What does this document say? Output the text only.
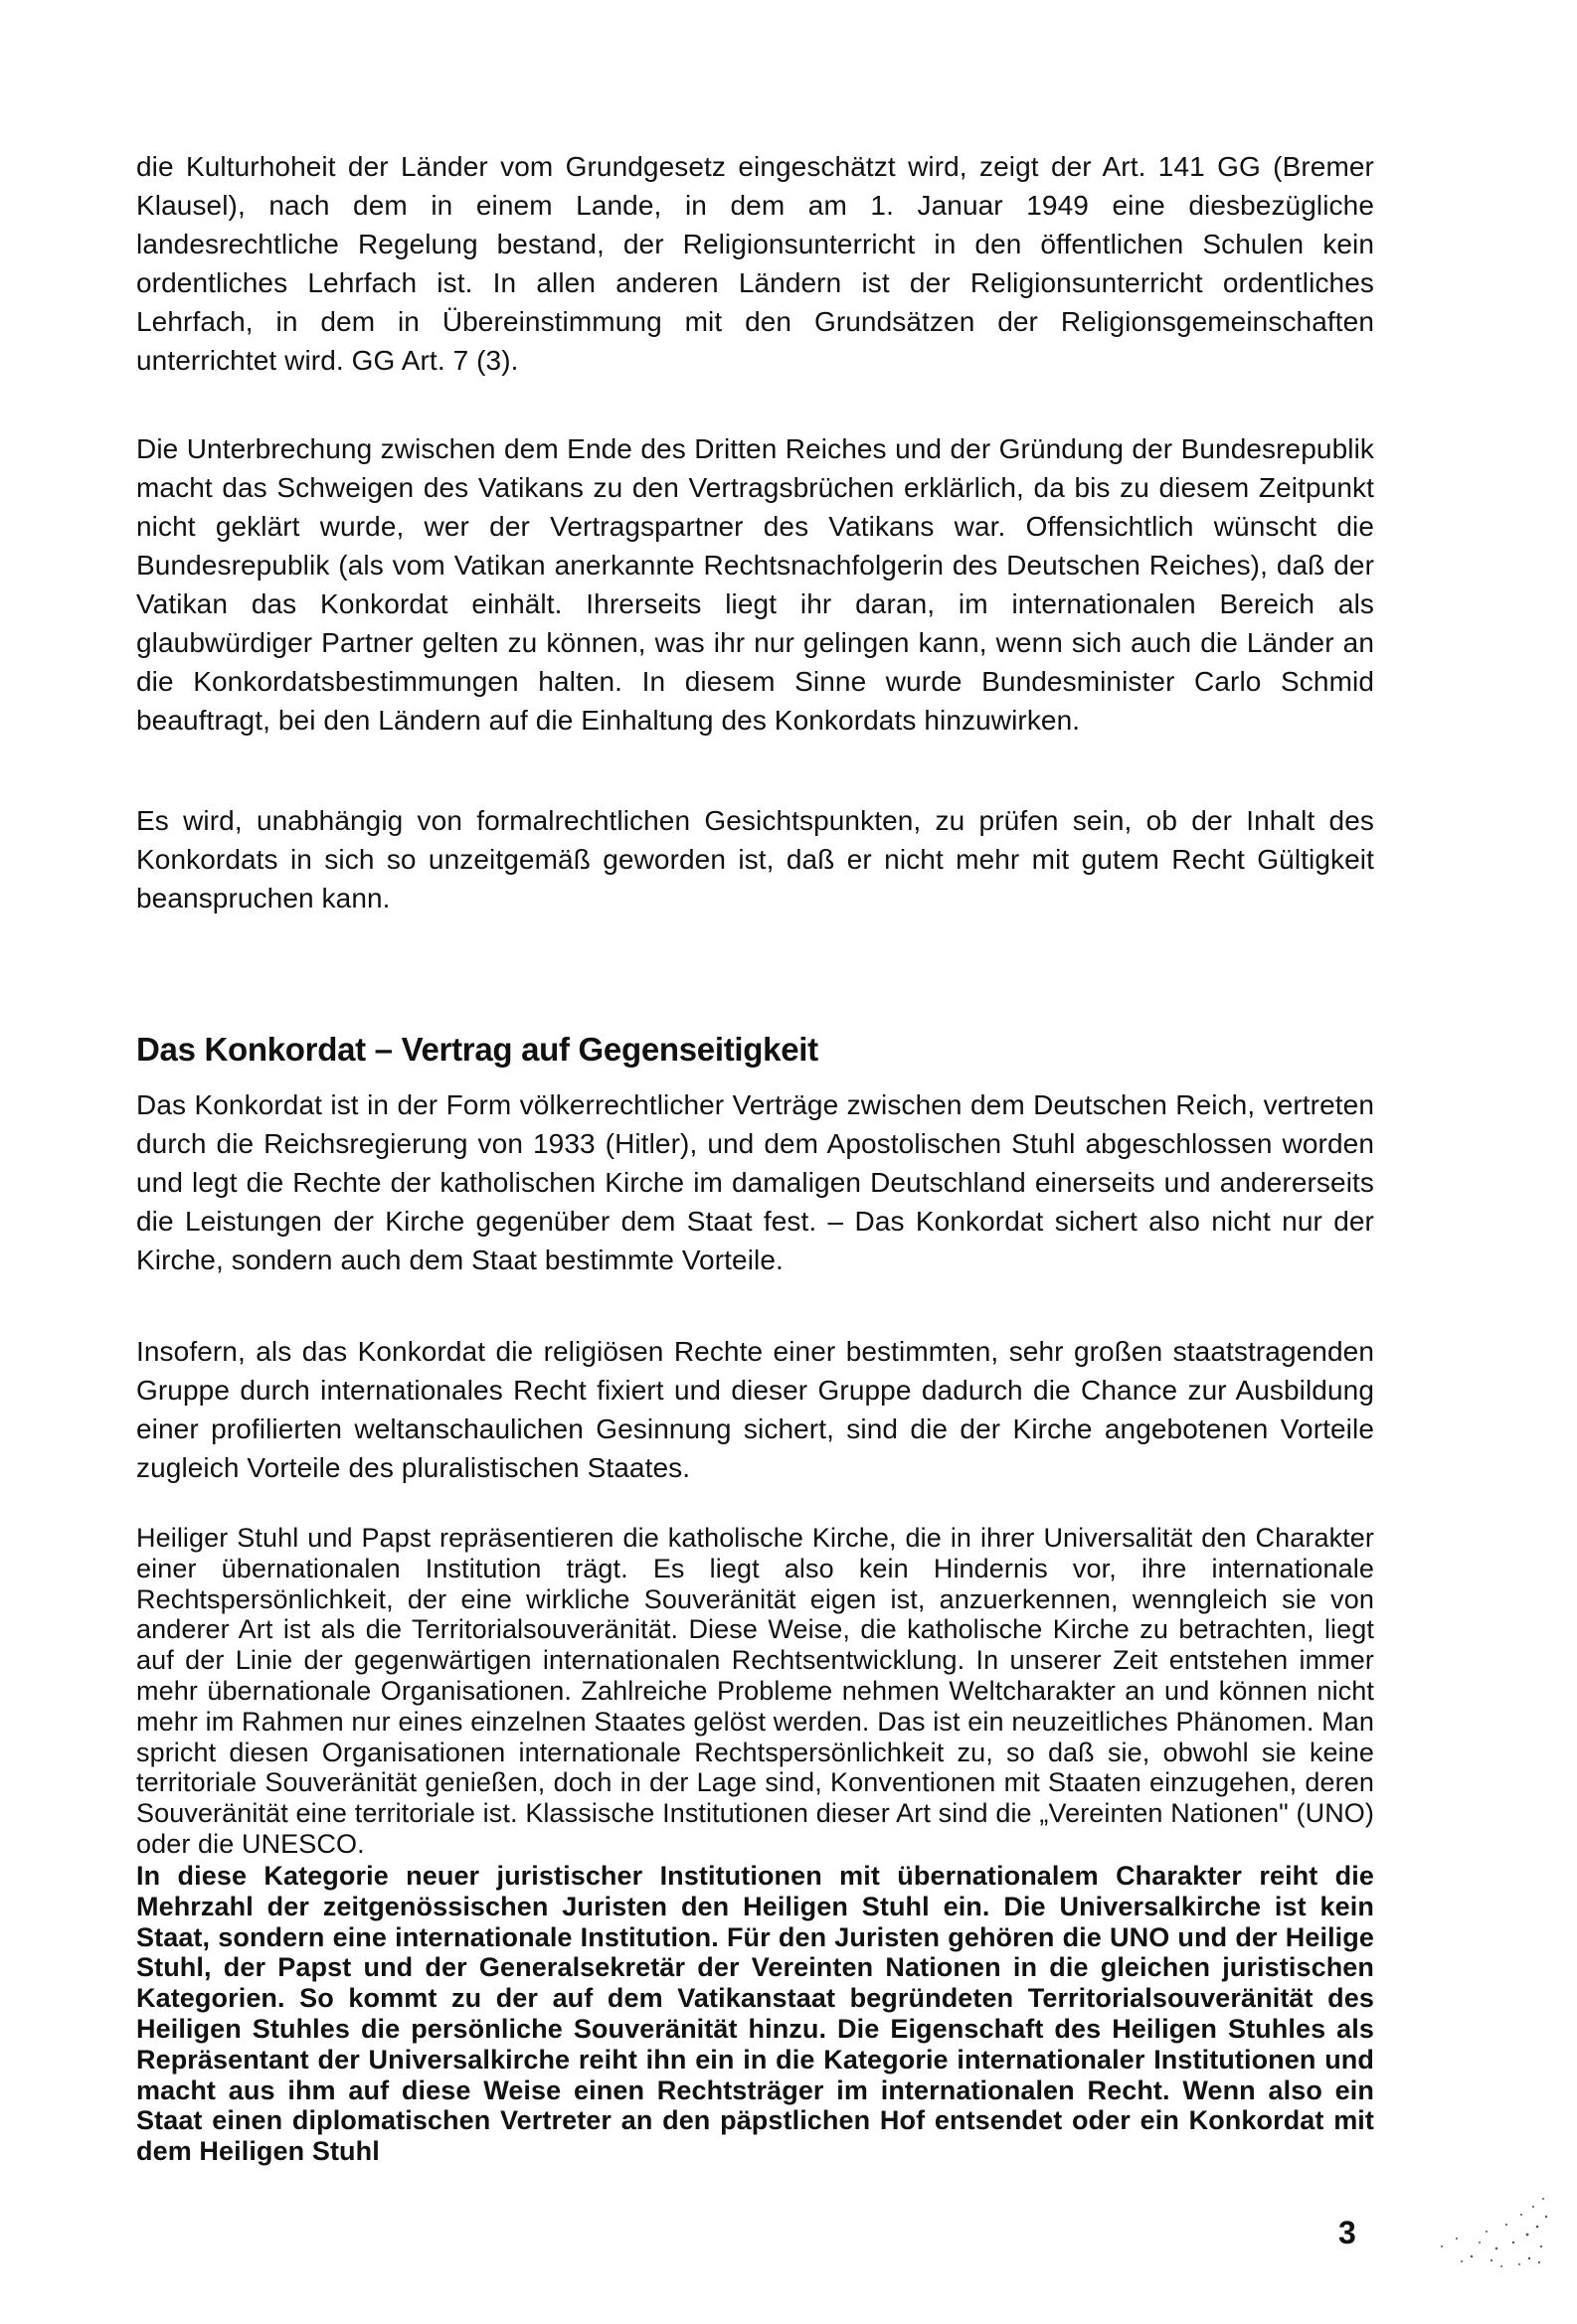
die Kulturhoheit der Länder vom Grundgesetz eingeschätzt wird, zeigt der Art. 141 GG (Bremer Klausel), nach dem in einem Lande, in dem am 1. Januar 1949 eine diesbezügliche landesrechtliche Regelung bestand, der Religionsunterricht in den öffentlichen Schulen kein ordentliches Lehrfach ist. In allen anderen Ländern ist der Religionsunterricht ordentliches Lehrfach, in dem in Übereinstimmung mit den Grundsätzen der Religionsgemeinschaften unterrichtet wird. GG Art. 7 (3).

Die Unterbrechung zwischen dem Ende des Dritten Reiches und der Gründung der Bundesrepublik macht das Schweigen des Vatikans zu den Vertragsbrüchen erklärlich, da bis zu diesem Zeitpunkt nicht geklärt wurde, wer der Vertragspartner des Vatikans war. Offensichtlich wünscht die Bundesrepublik (als vom Vatikan anerkannte Rechtsnachfolgerin des Deutschen Reiches), daß der Vatikan das Konkordat einhält. Ihrerseits liegt ihr daran, im internationalen Bereich als glaubwürdiger Partner gelten zu können, was ihr nur gelingen kann, wenn sich auch die Länder an die Konkordatsbestimmungen halten. In diesem Sinne wurde Bundesminister Carlo Schmid beauftragt, bei den Ländern auf die Einhaltung des Konkordats hinzuwirken.

Es wird, unabhängig von formalrechtlichen Gesichtspunkten, zu prüfen sein, ob der Inhalt des Konkordats in sich so unzeitgemäß geworden ist, daß er nicht mehr mit gutem Recht Gültigkeit beanspruchen kann.

Das Konkordat – Vertrag auf Gegenseitigkeit

Das Konkordat ist in der Form völkerrechtlicher Verträge zwischen dem Deutschen Reich, vertreten durch die Reichsregierung von 1933 (Hitler), und dem Apostolischen Stuhl abgeschlossen worden und legt die Rechte der katholischen Kirche im damaligen Deutschland einerseits und andererseits die Leistungen der Kirche gegenüber dem Staat fest. – Das Konkordat sichert also nicht nur der Kirche, sondern auch dem Staat bestimmte Vorteile.

Insofern, als das Konkordat die religiösen Rechte einer bestimmten, sehr großen staatstragenden Gruppe durch internationales Recht fixiert und dieser Gruppe dadurch die Chance zur Ausbildung einer profilierten weltanschaulichen Gesinnung sichert, sind die der Kirche angebotenen Vorteile zugleich Vorteile des pluralistischen Staates.

Heiliger Stuhl und Papst repräsentieren die katholische Kirche, die in ihrer Universalität den Charakter einer übernationalen Institution trägt. Es liegt also kein Hindernis vor, ihre internationale Rechtspersönlichkeit, der eine wirkliche Souveränität eigen ist, anzuerkennen, wenngleich sie von anderer Art ist als die Territorialsouveränität. Diese Weise, die katholische Kirche zu betrachten, liegt auf der Linie der gegenwärtigen internationalen Rechtsentwicklung. In unserer Zeit entstehen immer mehr übernationale Organisationen. Zahlreiche Probleme nehmen Weltcharakter an und können nicht mehr im Rahmen nur eines einzelnen Staates gelöst werden. Das ist ein neuzeitliches Phänomen. Man spricht diesen Organisationen internationale Rechtspersönlichkeit zu, so daß sie, obwohl sie keine territoriale Souveränität genießen, doch in der Lage sind, Konventionen mit Staaten einzugehen, deren Souveränität eine territoriale ist. Klassische Institutionen dieser Art sind die „Vereinten Nationen" (UNO) oder die UNESCO.

In diese Kategorie neuer juristischer Institutionen mit übernationalem Charakter reiht die Mehrzahl der zeitgenössischen Juristen den Heiligen Stuhl ein. Die Universalkirche ist kein Staat, sondern eine internationale Institution. Für den Juristen gehören die UNO und der Heilige Stuhl, der Papst und der Generalsekretär der Vereinten Nationen in die gleichen juristischen Kategorien. So kommt zu der auf dem Vatikanstaat begründeten Territorialsouveränität des Heiligen Stuhles die persönliche Souveränität hinzu. Die Eigenschaft des Heiligen Stuhles als Repräsentant der Universalkirche reiht ihn ein in die Kategorie internationaler Institutionen und macht aus ihm auf diese Weise einen Rechtsträger im internationalen Recht. Wenn also ein Staat einen diplomatischen Vertreter an den päpstlichen Hof entsendet oder ein Konkordat mit dem Heiligen Stuhl

3
